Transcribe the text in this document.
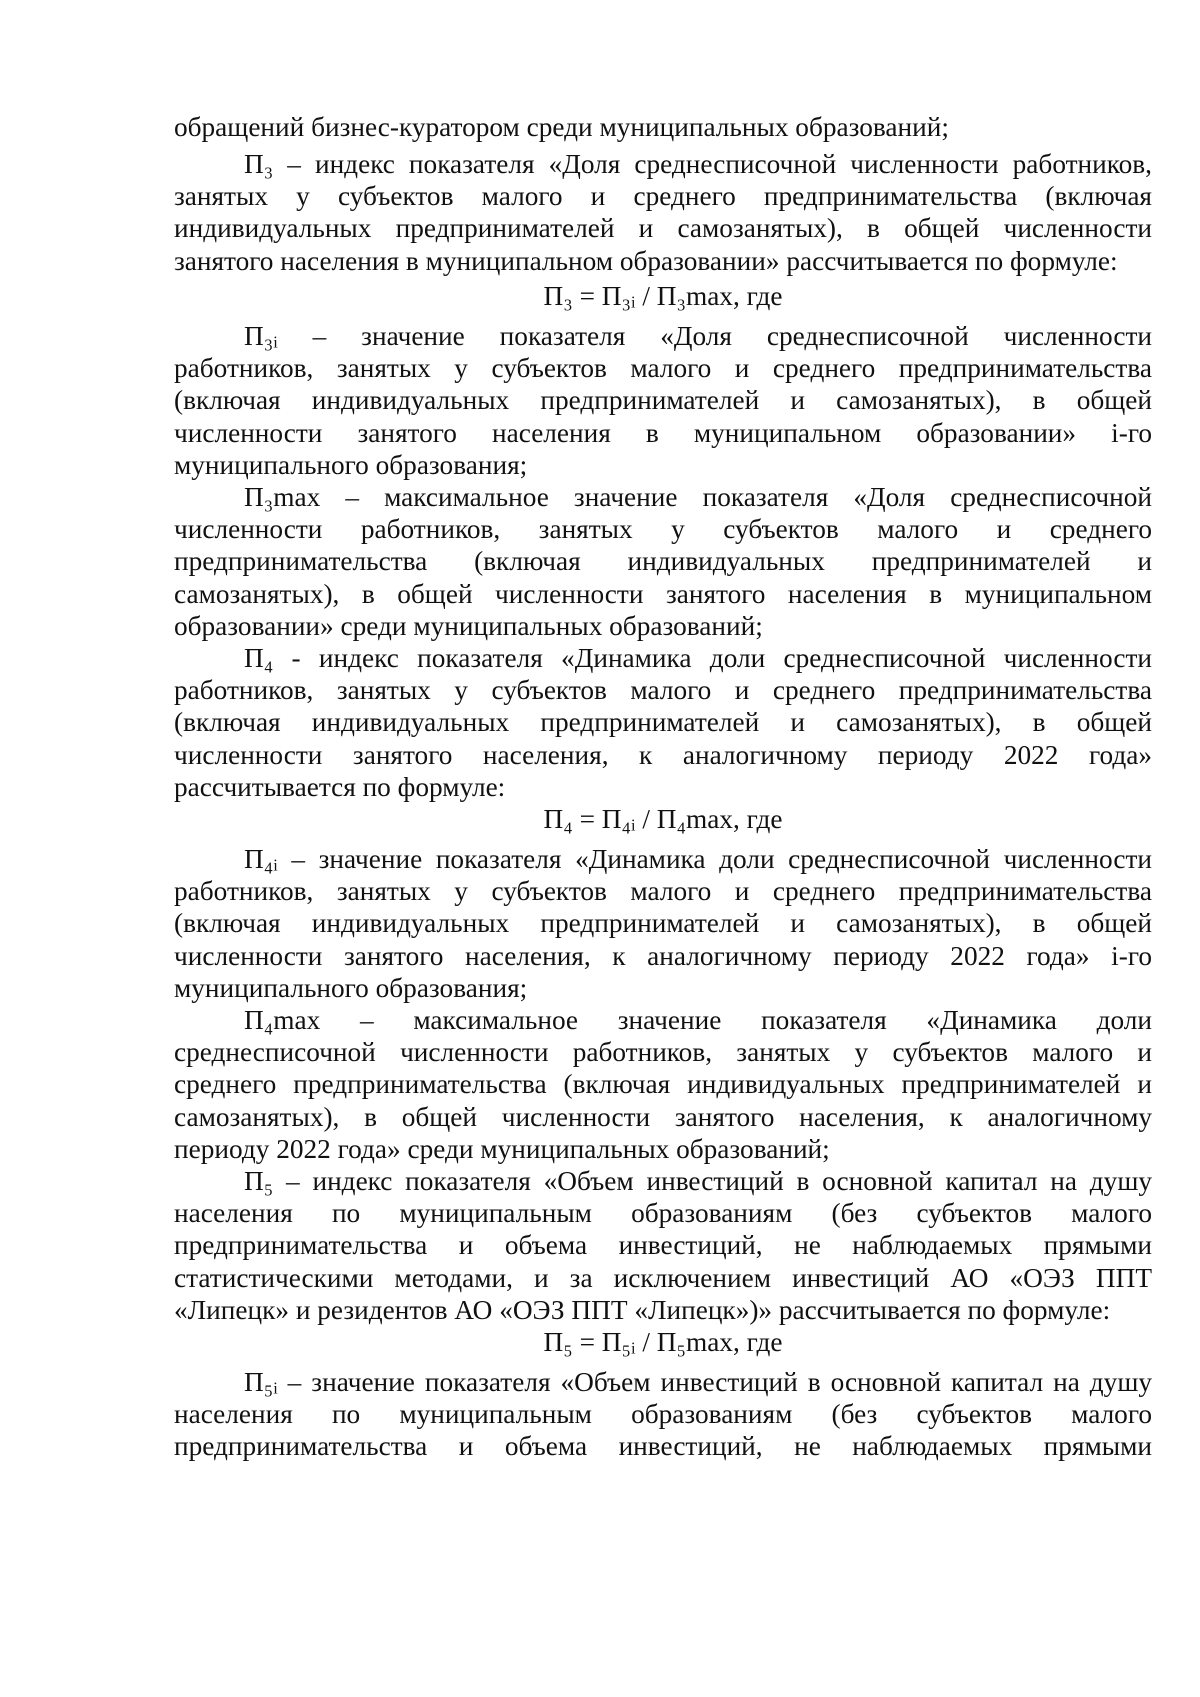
обращений бизнес-куратором среди муниципальных образований;

П₃ – индекс показателя «Доля среднесписочной численности работников,
занятых у субъектов малого и среднего предпринимательства (включая
индивидуальных предпринимателей и самозанятых), в общей численности
занятого населения в муниципальном образовании» рассчитывается по формуле:

П₃ = П₃ᵢ / П₃max, где

П₃ᵢ – значение показателя «Доля среднесписочной численности
работников, занятых у субъектов малого и среднего предпринимательства
(включая индивидуальных предпринимателей и самозанятых), в общей
численности занятого населения в муниципальном образовании» i-го
муниципального образования;

П₃max – максимальное значение показателя «Доля среднесписочной
численности работников, занятых у субъектов малого и среднего
предпринимательства (включая индивидуальных предпринимателей и
самозанятых), в общей численности занятого населения в муниципальном
образовании» среди муниципальных образований;

П₄ - индекс показателя «Динамика доли среднесписочной численности
работников, занятых у субъектов малого и среднего предпринимательства
(включая индивидуальных предпринимателей и самозанятых), в общей
численности занятого населения, к аналогичному периоду 2022 года»
рассчитывается по формуле:

П₄ = П₄ᵢ / П₄max, где

П₄ᵢ – значение показателя «Динамика доли среднесписочной численности
работников, занятых у субъектов малого и среднего предпринимательства
(включая индивидуальных предпринимателей и самозанятых), в общей
численности занятого населения, к аналогичному периоду 2022 года» i-го
муниципального образования;

П₄max – максимальное значение показателя «Динамика доли
среднесписочной численности работников, занятых у субъектов малого и
среднего предпринимательства (включая индивидуальных предпринимателей и
самозанятых), в общей численности занятого населения, к аналогичному
периоду 2022 года» среди муниципальных образований;

П₅ – индекс показателя «Объем инвестиций в основной капитал на душу
населения по муниципальным образованиям (без субъектов малого
предпринимательства и объема инвестиций, не наблюдаемых прямыми
статистическими методами, и за исключением инвестиций АО «ОЭЗ ППТ
«Липецк» и резидентов АО «ОЭЗ ППТ «Липецк»)» рассчитывается по формуле:

П₅ = П₅ᵢ / П₅max, где

П₅ᵢ – значение показателя «Объем инвестиций в основной капитал на душу
населения по муниципальным образованиям (без субъектов малого
предпринимательства и объема инвестиций, не наблюдаемых прямыми
